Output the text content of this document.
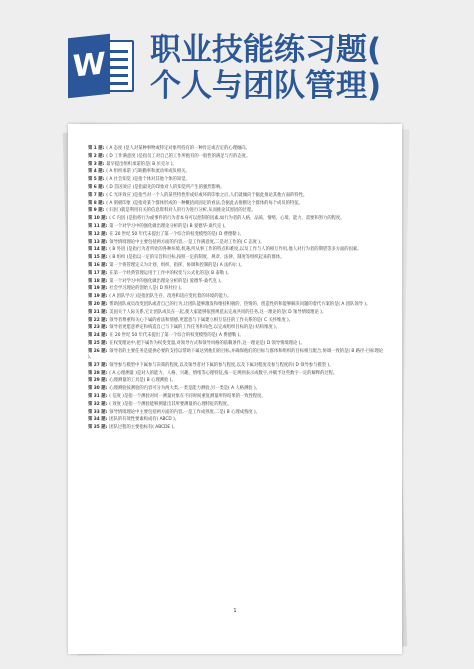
W 职业技能练习题(
个人与团队管理)
第 1 题: ( A 态度 )是人对某种事物或特定对象所持有的一种肯定或否定的心理倾向。
第 2 题: ( D 工作满意度 )是指员工对自己的工作所抱有的一般性的满足与否的态度。
第 3 题: 最早提出组织承诺的是( B 贝克尔 )。
第 4 题: ( A 组织承诺 )与缺勤率和流动率成负相关。
第 5 题: ( A 社会知觉 )是指个体对其他个体的知觉。
第 6 题: ( D 首因效应 )是指最先的印象对人的知觉所产生的强烈影响。
第 7 题: ( C 光环效应 )是指当对一个人的某些特性形成好或坏的印象之后,人们就倾向于据此推论其他方面的特性。
第 8 题: ( A 刻板印象 )是指对某个群体形成的一种概括而固定的看法,会据此去推断这个群体的每个成员的特征。
第 9 题: ( 归因 )就是利用有关的信息资料对人的行为进行分析,从而推论其原因的过程。
第 10 题: ( C 内因 )是指将行为或事件的行为者本身可以控制的因素,如行为者的人格、品质、情绪、心境、能力、需要和努力的程度。
第 11 题: 第一个对学习中的强化做出理论分析的是( B 爱德华·桑代克 )。
第 12 题: 在 20 世纪 50 年代末提出了第一个综合的权变模型的是( D 费德勒 )。
第 13 题: 领导情境理论中主要包括两方面的内容,一是工作满意度,二是对工作的( C 态度 )。
第 14 题: ( B 外因 )是指行为者所处的各种环境,机遇,所从事工作的特点和难度,以及工作与人的相互作用,他人对行为者的期望等多方面的因素。
第 15 题: ( B 组织 )是指以一定的宗旨和目标,按照一定的制度、规章、法律、制度等组织起来的群体。
第 16 题: 第一个将管理定义为计划、组织、指挥、协调和控制的是( A 法约尔 )。
第 17 题: 在第一个经典管理运用于工作中的权变与公式化的是( B 泰勒 )。
第 18 题: 第一个对学习中的强化做出理论分析的是( 爱德华·桑代克 )。
第 19 题: 社会学习理论的创始人是( D 班杜拉 )。
第 19 题: ( A 团队学习 )是指团队生存、改进和适应变化着的环境的能力。
第 20 题: 帮助团队成员改变团队或者自己的行为,让团队能够激发和维持积极的、热情的、创造性的和能够解决问题的着代方案的是( A 团队领导 )。
第 21 题: 美国关于人际关系,它让团队成员在一起,使大家能够依照规范去完成共同的任务,这一理论的是( D 领导情境理论 )。
第 22 题: 领导者尊重和关心下属的看法和情感,更愿意与下属建立相互信任的工作关系的是( C 关怀维度 )。
第 23 题: 领导者更愿意界定和构造自己与下属的工作任务和角色,以完成组织目标的是( 结构维度 )。
第 24 题: 在 20 世纪 50 年代末提出了第一个综合的权变模型的是( A 费德勒 )。
第 25 题: 在权变理论中,把下属作为权变变量,对领导方式和领导风格的依赖条件,这一理论是( D 领导情境理论 )。
第 26 题: 领导者的主要任务是提供必要的支持以帮助下属达到他们的目标,并确保他们的目标与群体和组织的目标相互配合,协调一致的是( B 路径-目标理论 )。
第 27 题: 领导参与模型中下属参与决策的程度,以及领导者对下属的参与程度,以及下属对程度及参与程度的( D 领导参与模型 )。
第 28 题: ( A 心理测量 )是对人的能力、人格、兴趣、情绪等心理特征,按一定规则表示成数字,并赋予这些数字一定的解释的过程。
第 29 题: 心理测量的工具是( B 心理测验 )。
第 30 题: 心理测验按测验的内容可分为两大类,一类是能力测验,另一类是( A 人格测验 )。
第 31 题: ( 信度 )是指一个测验对同一测量对象在不同时间重复测量所得结果的一致性程度。
第 32 题: ( 效度 )是指一个测验能够测量出其所要测量的心理特征的程度。
第 33 题: 领导情境理论中主要包括两方面的内容,一是工作成熟度,二是( B 心理成熟度 )。
第 34 题: 团队的有效性要素构成有( ABCD )。
第 35 题: 团队过程的主要指标有( ABCDE )。
1
